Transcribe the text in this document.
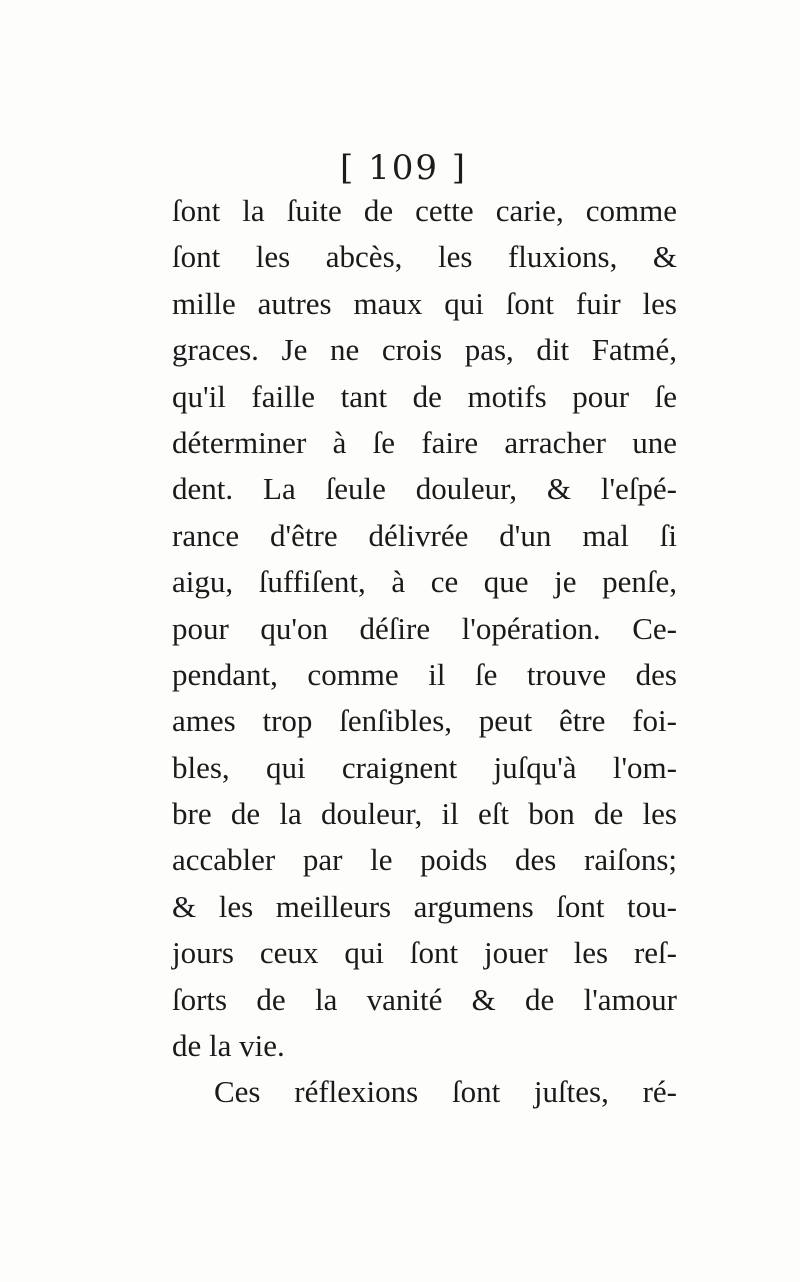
[ 109 ]
ſont la ſuite de cette carie, comme
ſont les abcès, les fluxions, &
mille autres maux qui ſont fuir les
graces. Je ne crois pas, dit Fatmé,
qu'il faille tant de motifs pour ſe
déterminer à ſe faire arracher une
dent. La ſeule douleur, & l'eſpé-
rance d'être délivrée d'un mal ſi
aigu, ſuffiſent, à ce que je penſe,
pour qu'on déſire l'opération. Ce-
pendant, comme il ſe trouve des
ames trop ſenſibles, peut être foi-
bles, qui craignent juſqu'à l'om-
bre de la douleur, il eſt bon de les
accabler par le poids des raiſons;
& les meilleurs argumens ſont tou-
jours ceux qui ſont jouer les reſ-
ſorts de la vanité & de l'amour
de la vie.
Ces réflexions ſont juſtes, ré-
